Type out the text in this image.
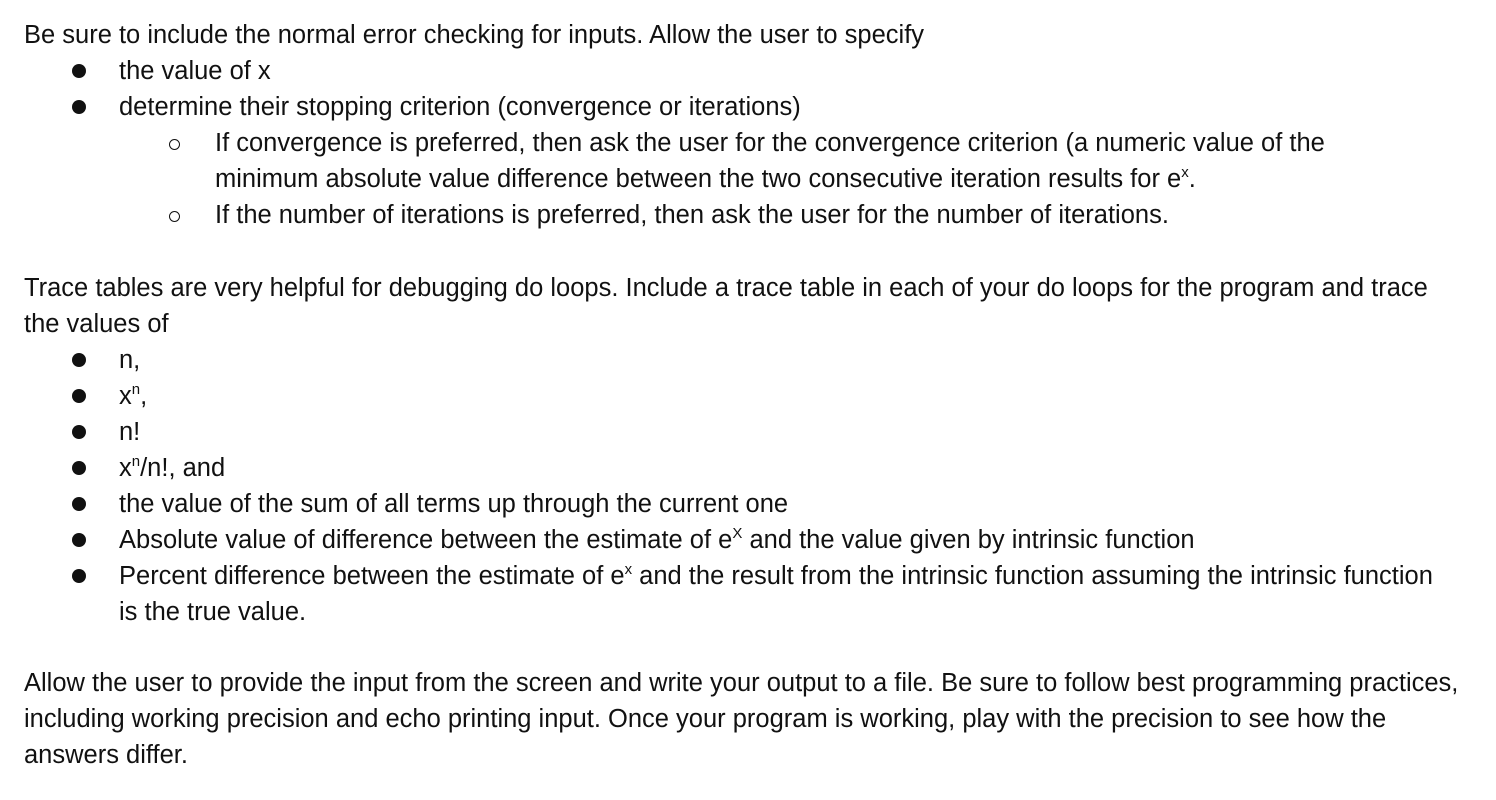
Be sure to include the normal error checking for inputs. Allow the user to specify

the value of x
determine their stopping criterion (convergence or iterations)
If convergence is preferred, then ask the user for the convergence criterion (a numeric value of the minimum absolute value difference between the two consecutive iteration results for $e^x$.
If the number of iterations is preferred, then ask the user for the number of iterations.

Trace tables are very helpful for debugging do loops. Include a trace table in each of your do loops for the program and trace the values of

n,
$x^n$,
n!
$x^n/n$!, and
the value of the sum of all terms up through the current one
Absolute value of difference between the estimate of $e^X$ and the value given by intrinsic function
Percent difference between the estimate of $e^x$ and the result from the intrinsic function assuming the intrinsic function is the true value.

Allow the user to provide the input from the screen and write your output to a file. Be sure to follow best programming practices, including working precision and echo printing input. Once your program is working, play with the precision to see how the answers differ.
